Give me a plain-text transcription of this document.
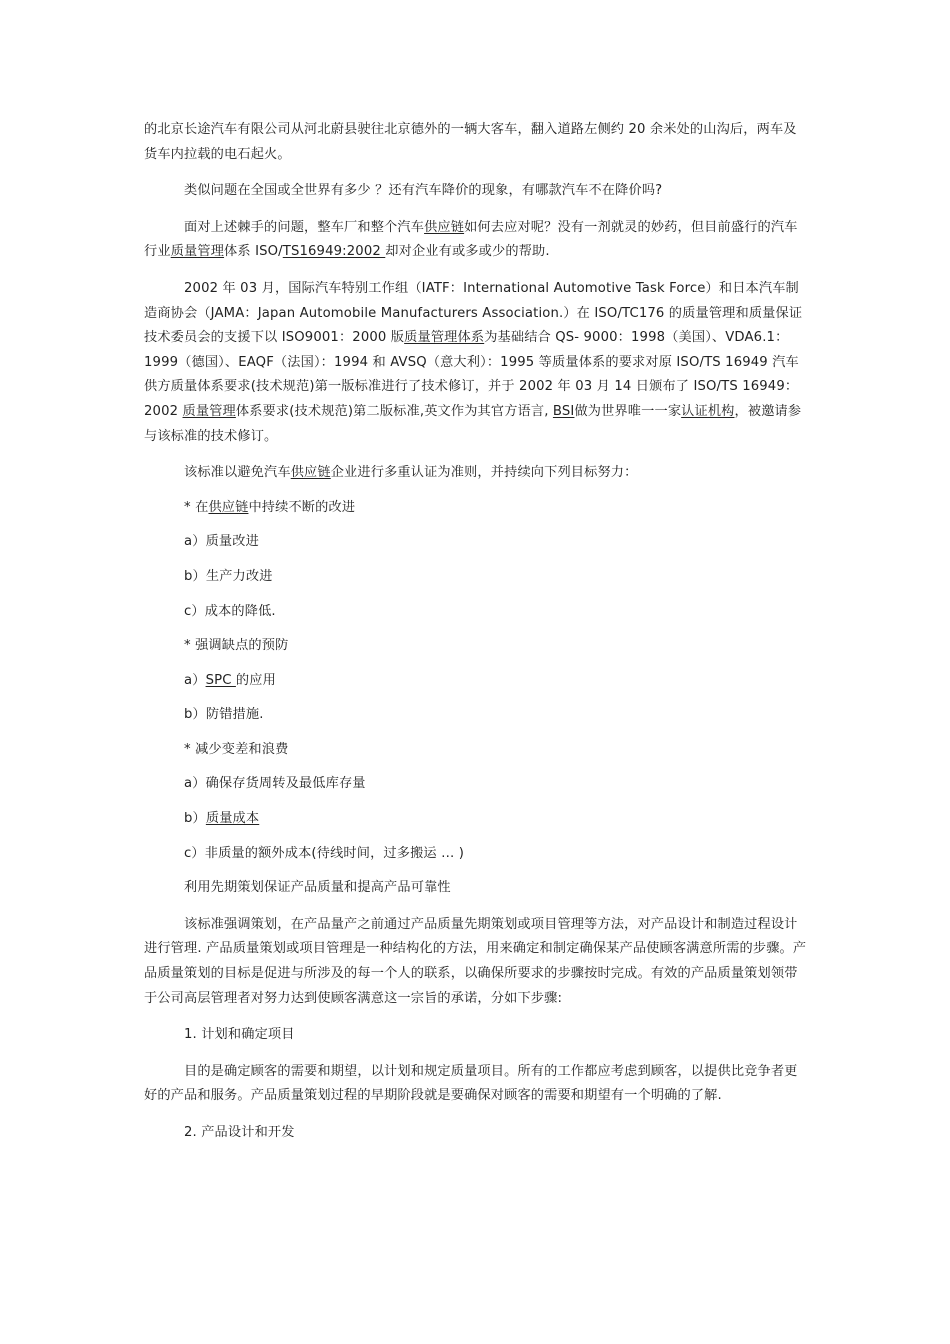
的北京长途汽车有限公司从河北蔚县驶往北京德外的一辆大客车，翻入道路左侧约 20 余米处的山沟后，两车及货车内拉载的电石起火。

类似问题在全国或全世界有多少 ？还有汽车降价的现象，有哪款汽车不在降价吗?

面对上述棘手的问题，整车厂和整个汽车供应链如何去应对呢？没有一剂就灵的妙药，但目前盛行的汽车行业质量管理体系 ISO/TS16949:2002 却对企业有或多或少的帮助.

2002 年 03 月，国际汽车特别工作组（IATF：International Automotive Task Force）和日本汽车制造商协会（JAMA：Japan Automobile Manufacturers Association.）在 ISO/TC176 的质量管理和质量保证技术委员会的支援下以 ISO9001：2000 版质量管理体系为基础结合 QS- 9000：1998（美国）、VDA6.1：1999（德国）、EAQF（法国）：1994 和 AVSQ（意大利）：1995 等质量体系的要求对原 ISO/TS 16949 汽车供方质量体系要求(技术规范)第一版标准进行了技术修订，并于 2002 年 03 月 14 日颁布了 ISO/TS 16949：2002 质量管理体系要求(技术规范)第二版标准,英文作为其官方语言, BSI做为世界唯一一家认证机构，被邀请参与该标准的技术修订。

该标准以避免汽车供应链企业进行多重认证为准则，并持续向下列目标努力：

* 在供应链中持续不断的改进

a）质量改进

b）生产力改进

c）成本的降低.

* 强调缺点的预防

a）SPC 的应用

b）防错措施.

* 减少变差和浪费

a）确保存货周转及最低库存量

b）质量成本

c）非质量的额外成本(待线时间，过多搬运 … )

利用先期策划保证产品质量和提高产品可靠性

该标准强调策划，在产品量产之前通过产品质量先期策划或项目管理等方法，对产品设计和制造过程设计进行管理. 产品质量策划或项目管理是一种结构化的方法，用来确定和制定确保某产品使顾客满意所需的步骤。产品质量策划的目标是促进与所涉及的每一个人的联系，以确保所要求的步骤按时完成。有效的产品质量策划领带于公司高层管理者对努力达到使顾客满意这一宗旨的承诺，分如下步骤:

1. 计划和确定项目

目的是确定顾客的需要和期望，以计划和规定质量项目。所有的工作都应考虑到顾客，以提供比竞争者更好的产品和服务。产品质量策划过程的早期阶段就是要确保对顾客的需要和期望有一个明确的了解.

2. 产品设计和开发
